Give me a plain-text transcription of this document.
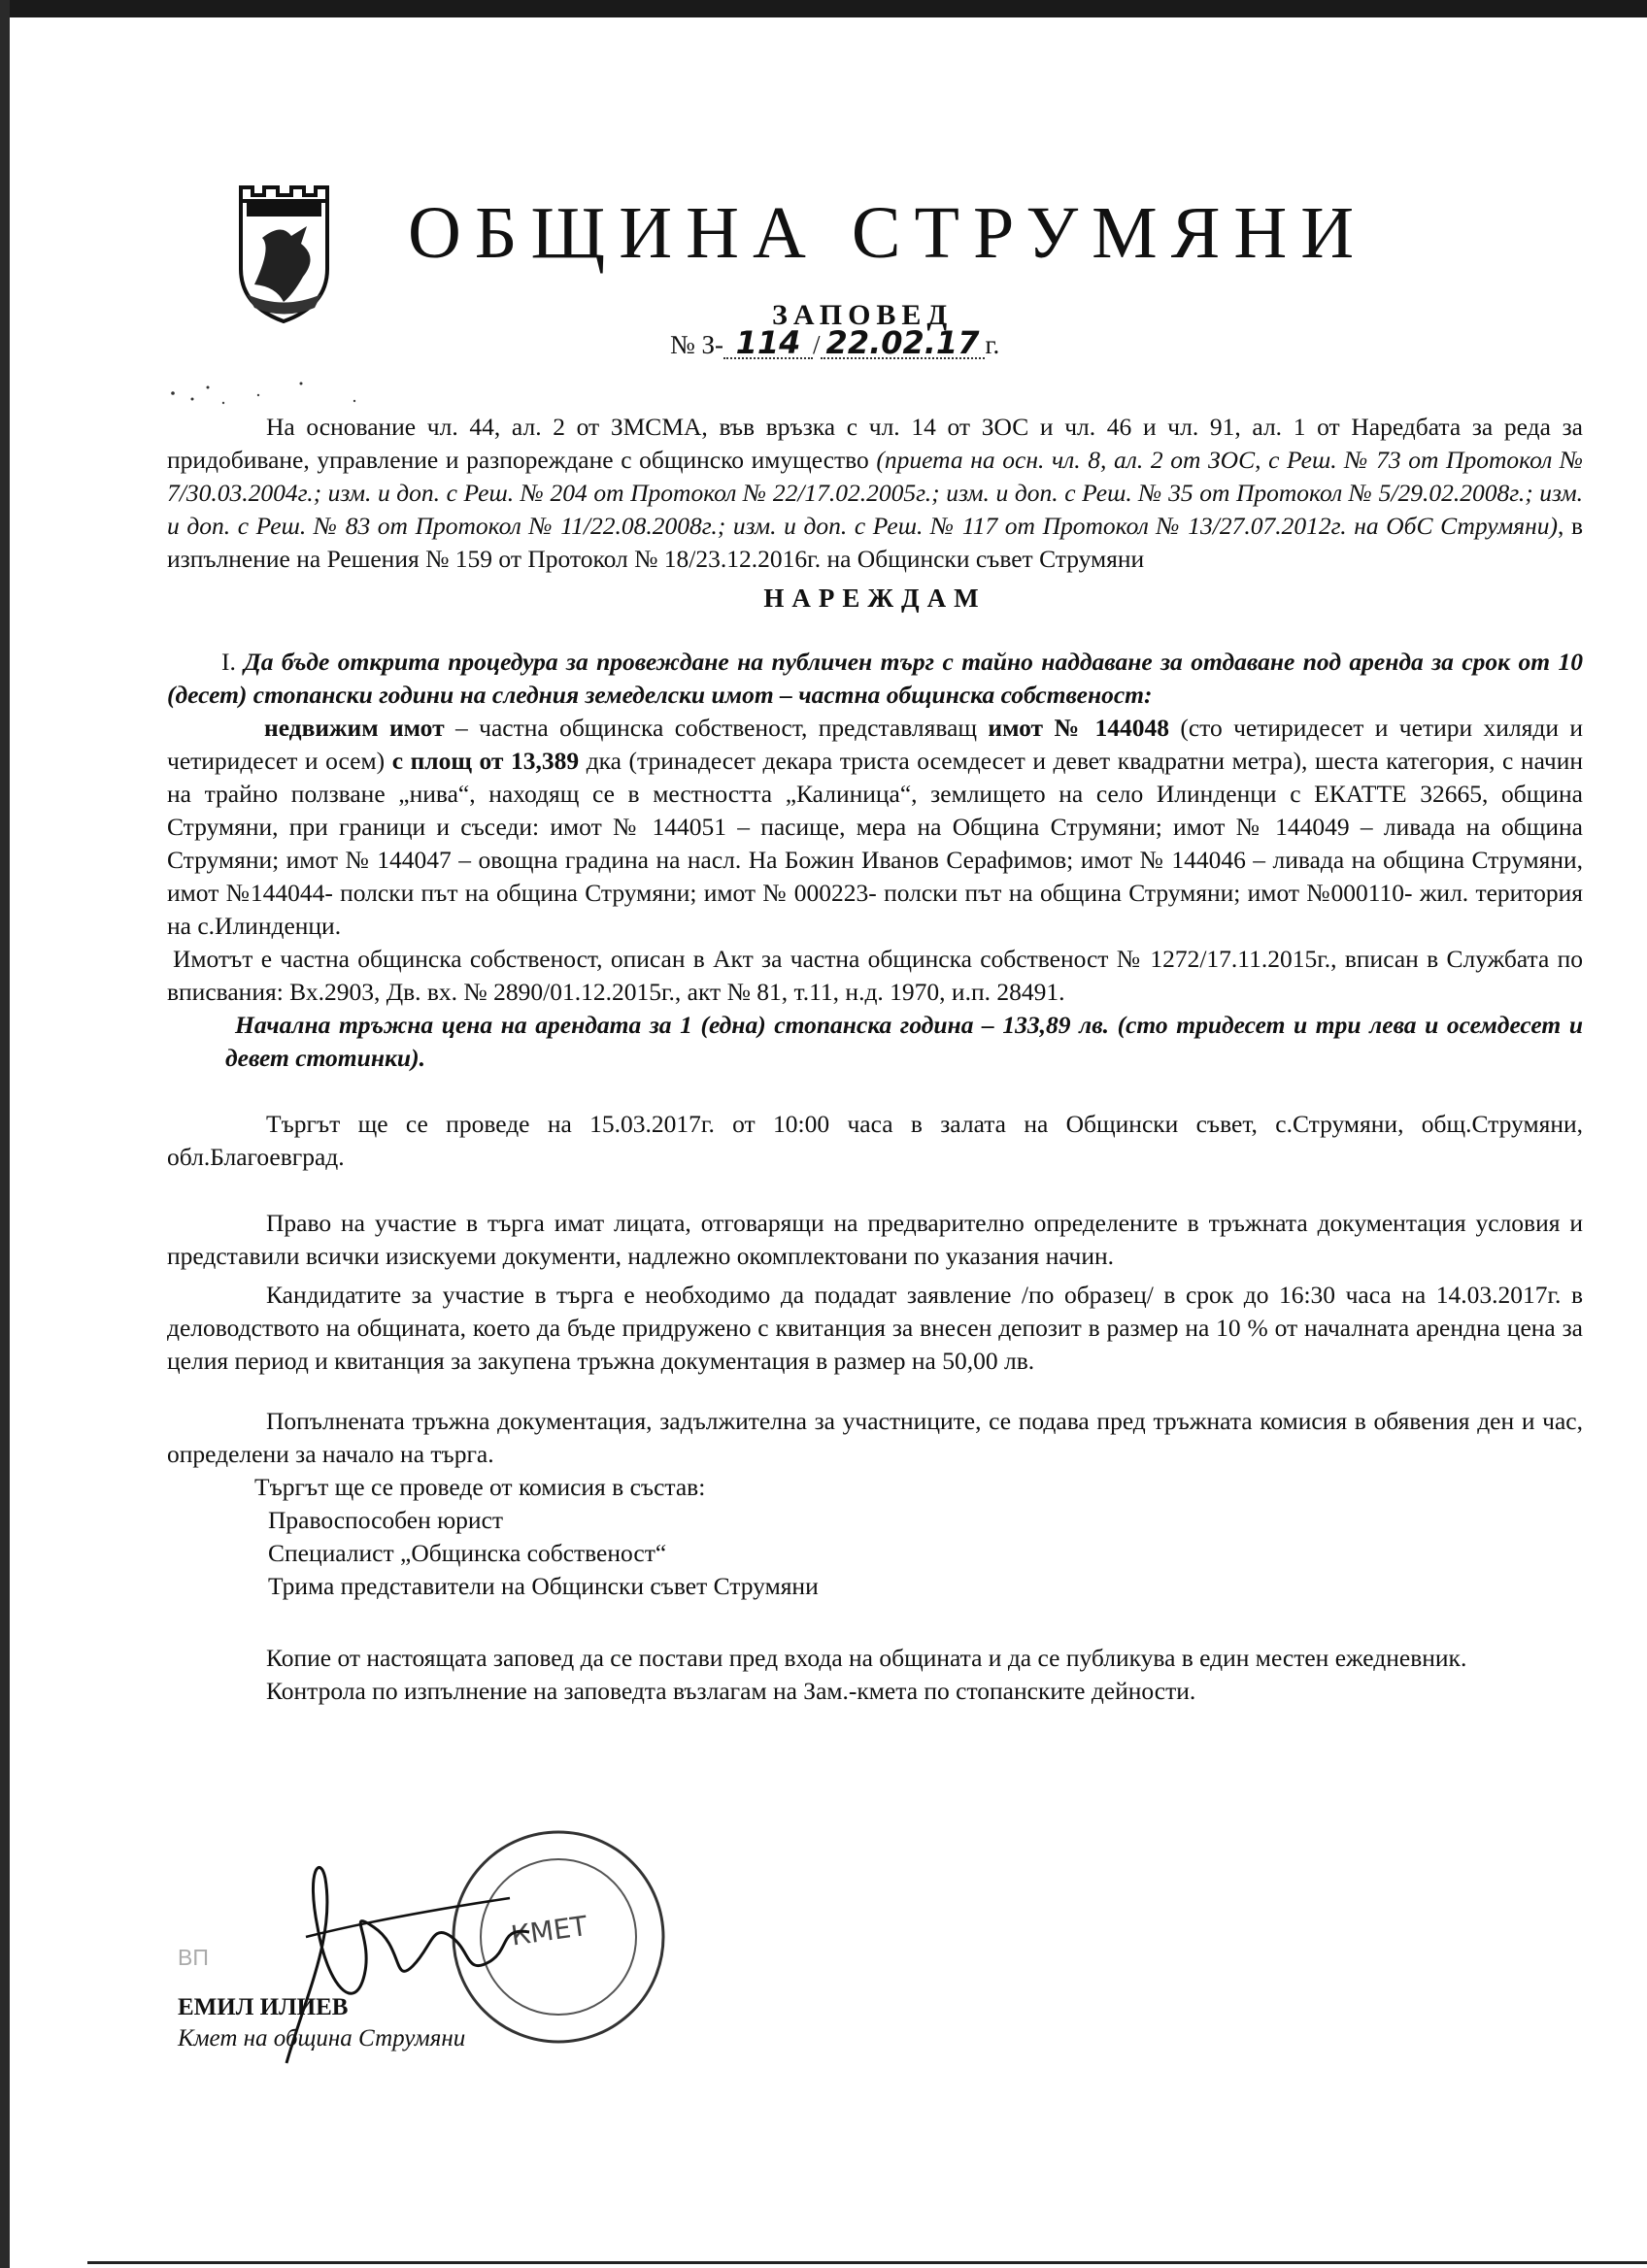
ОБЩИНА СТРУМЯНИ
ЗАПОВЕД
№ З- 114 / 22.02.17 г.

На основание чл. 44, ал. 2 от ЗМСМА, във връзка с чл. 14 от ЗОС и чл. 46 и чл. 91, ал. 1 от Наредбата за реда за придобиване, управление и разпореждане с общинско имущество (приета на осн. чл. 8, ал. 2 от ЗОС, с Реш. № 73 от Протокол № 7/30.03.2004г.; изм. и доп. с Реш. № 204 от Протокол № 22/17.02.2005г.; изм. и доп. с Реш. № 35 от Протокол № 5/29.02.2008г.; изм. и доп. с Реш. № 83 от Протокол № 11/22.08.2008г.; изм. и доп. с Реш. № 117 от Протокол № 13/27.07.2012г. на ОбС Струмяни), в изпълнение на Решения № 159 от Протокол № 18/23.12.2016г. на Общински съвет Струмяни

НАРЕЖДАМ

I. Да бъде открита процедура за провеждане на публичен търг с тайно наддаване за отдаване под аренда за срок от 10 (десет) стопански години на следния земеделски имот – частна общинска собственост:

недвижим имот – частна общинска собственост, представляващ имот № 144048 (сто четиридесет и четири хиляди и четиридесет и осем) с площ от 13,389 дка (тринадесет декара триста осемдесет и девет квадратни метра), шеста категория, с начин на трайно ползване „нива“, находящ се в местността „Калиница“, землището на село Илинденци с ЕКАТТЕ 32665, община Струмяни, при граници и съседи: имот № 144051 – пасище, мера на Община Струмяни; имот № 144049 – ливада на община Струмяни; имот № 144047 – овощна градина на насл. На Божин Иванов Серафимов; имот № 144046 – ливада на община Струмяни, имот №144044- полски път на община Струмяни; имот № 000223- полски път на община Струмяни; имот №000110- жил. територия на с.Илинденци.

Имотът е частна общинска собственост, описан в Акт за частна общинска собственост № 1272/17.11.2015г., вписан в Службата по вписвания: Вх.2903, Дв. вх. № 2890/01.12.2015г., акт № 81, т.11, н.д. 1970, и.п. 28491.

Начална тръжна цена на арендата за 1 (една) стопанска година – 133,89 лв. (сто тридесет и три лева и осемдесет и девет стотинки).

Търгът ще се проведе на 15.03.2017г. от 10:00 часа в залата на Общински съвет, с.Струмяни, общ.Струмяни, обл.Благоевград.

Право на участие в търга имат лицата, отговарящи на предварително определените в тръжната документация условия и представили всички изискуеми документи, надлежно окомплектовани по указания начин.

Кандидатите за участие в търга е необходимо да подадат заявление /по образец/ в срок до 16:30 часа на 14.03.2017г. в деловодството на общината, което да бъде придружено с квитанция за внесен депозит в размер на 10 % от началната арендна цена за целия период и квитанция за закупена тръжна документация в размер на 50,00 лв.

Попълнената тръжна документация, задължителна за участниците, се подава пред тръжната комисия в обявения ден и час, определени за начало на търга.

Търгът ще се проведе от комисия в състав:

Правоспособен юрист

Специалист „Общинска собственост“

Трима представители на Общински съвет Струмяни

Копие от настоящата заповед да се постави пред входа на общината и да се публикува в един местен ежедневник.

Контрола по изпълнение на заповедта възлагам на Зам.-кмета по стопанските дейности.

ВП
ЕМИЛ ИЛИЕВ
Кмет на община Струмяни
КМЕТ
